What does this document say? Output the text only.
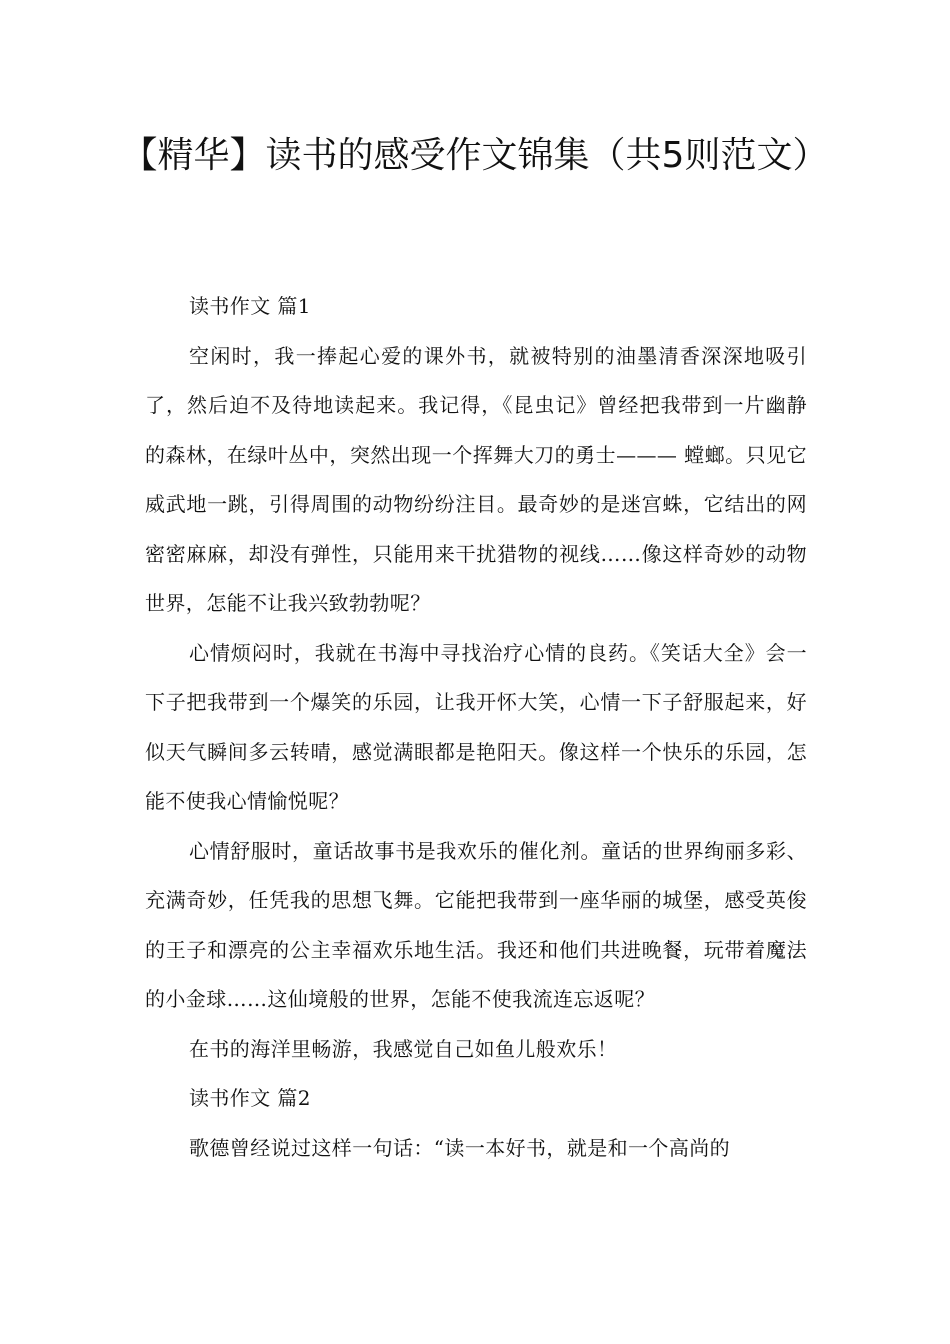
【精华】读书的感受作文锦集（共5则范文）

读书作文 篇1

空闲时，我一捧起心爱的课外书，就被特别的油墨清香深深地吸引了，然后迫不及待地读起来。我记得，《昆虫记》曾经把我带到一片幽静的森林，在绿叶丛中，突然出现一个挥舞大刀的勇士——— 螳螂。只见它威武地一跳，引得周围的动物纷纷注目。最奇妙的是迷宫蛛，它结出的网密密麻麻，却没有弹性，只能用来干扰猎物的视线……像这样奇妙的动物世界，怎能不让我兴致勃勃呢？

心情烦闷时，我就在书海中寻找治疗心情的良药。《笑话大全》会一下子把我带到一个爆笑的乐园，让我开怀大笑，心情一下子舒服起来，好似天气瞬间多云转晴，感觉满眼都是艳阳天。像这样一个快乐的乐园，怎能不使我心情愉悦呢？

心情舒服时，童话故事书是我欢乐的催化剂。童话的世界绚丽多彩、充满奇妙，任凭我的思想飞舞。它能把我带到一座华丽的城堡，感受英俊的王子和漂亮的公主幸福欢乐地生活。我还和他们共进晚餐，玩带着魔法的小金球……这仙境般的世界，怎能不使我流连忘返呢？

在书的海洋里畅游，我感觉自己如鱼儿般欢乐！

读书作文 篇2

歌德曾经说过这样一句话：“读一本好书，就是和一个高尚的
